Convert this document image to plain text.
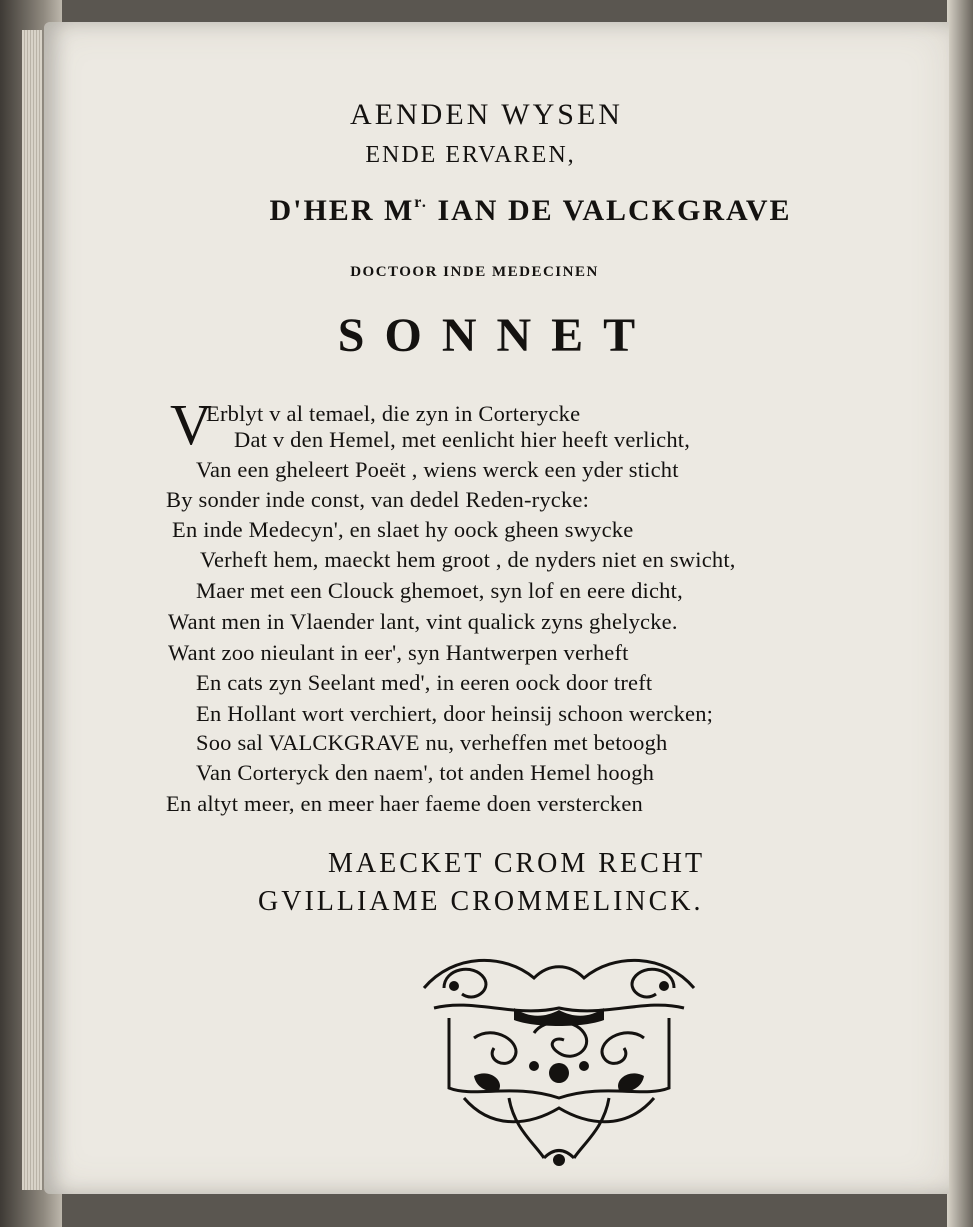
AENDEN WYSEN
ENDE ERVAREN,
D'HER $M^{r.}$ IAN DE VALCKGRAVE
DOCTOOR INDE MEDECINEN
SONNET
V
Erblyt v al temael, die zyn in Corterycke
Dat v den Hemel, met eenlicht hier heeft verlicht,
Van een gheleert Poeët , wiens werck een yder sticht
By sonder inde const, van dedel Reden-rycke:
En inde Medecyn', en slaet hy oock gheen swycke
Verheft hem, maeckt hem groot , de nyders niet en swicht,
Maer met een Clouck ghemoet, syn lof en eere dicht,
Want men in Vlaender lant, vint qualick zyns ghelycke.
Want zoo nieulant in eer', syn Hantwerpen verheft
En cats zyn Seelant med', in eeren oock door treft
En Hollant wort verchiert, door heinsij schoon wercken;
Soo sal VALCKGRAVE nu, verheffen met betoogh
Van Corteryck den naem', tot anden Hemel hoogh
En altyt meer, en meer haer faeme doen verstercken
MAECKET CROM RECHT
GVILLIAME CROMMELINCK.
